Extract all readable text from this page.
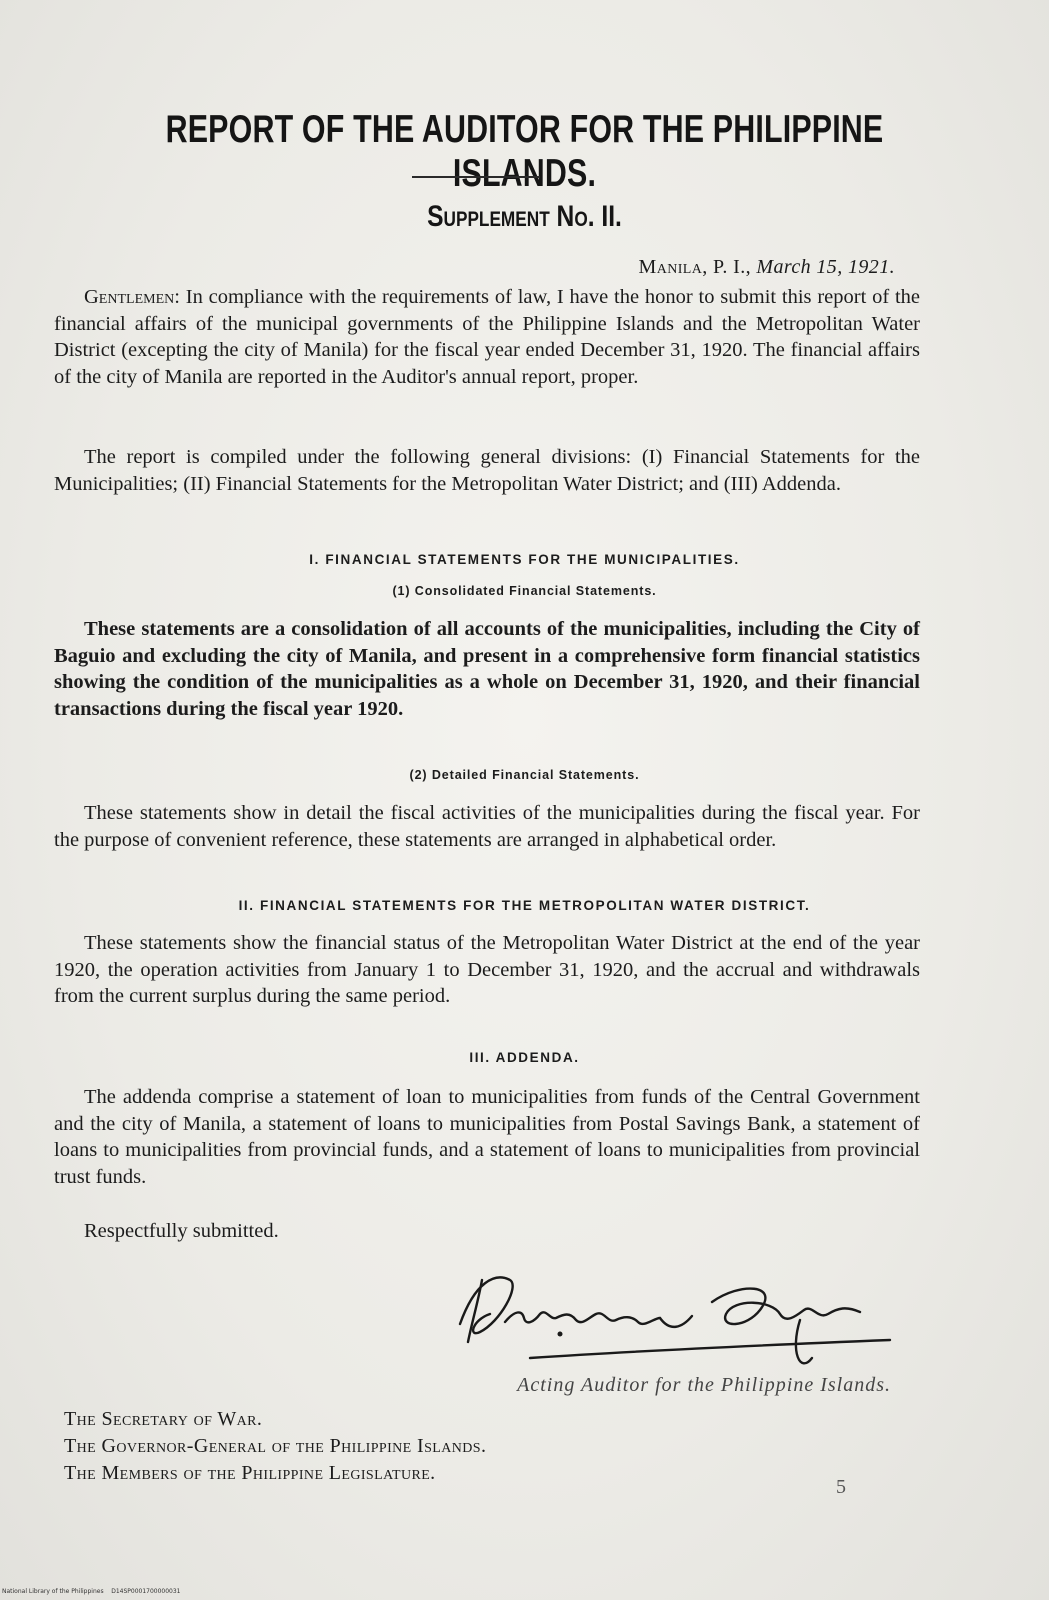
REPORT OF THE AUDITOR FOR THE PHILIPPINE ISLANDS.
Supplement No. II.
Manila, P. I., March 15, 1921.
Gentlemen: In compliance with the requirements of law, I have the honor to submit this report of the financial affairs of the municipal governments of the Philippine Islands and the Metropolitan Water District (excepting the city of Manila) for the fiscal year ended December 31, 1920. The financial affairs of the city of Manila are reported in the Auditor's annual report, proper.
The report is compiled under the following general divisions: (I) Financial Statements for the Municipalities; (II) Financial Statements for the Metropolitan Water District; and (III) Addenda.
I. FINANCIAL STATEMENTS FOR THE MUNICIPALITIES.
(1) Consolidated Financial Statements.
These statements are a consolidation of all accounts of the municipalities, including the City of Baguio and excluding the city of Manila, and present in a comprehensive form financial statistics showing the condition of the municipalities as a whole on December 31, 1920, and their financial transactions during the fiscal year 1920.
(2) Detailed Financial Statements.
These statements show in detail the fiscal activities of the municipalities during the fiscal year. For the purpose of convenient reference, these statements are arranged in alphabetical order.
II. FINANCIAL STATEMENTS FOR THE METROPOLITAN WATER DISTRICT.
These statements show the financial status of the Metropolitan Water District at the end of the year 1920, the operation activities from January 1 to December 31, 1920, and the accrual and withdrawals from the current surplus during the same period.
III. ADDENDA.
The addenda comprise a statement of loan to municipalities from funds of the Central Government and the city of Manila, a statement of loans to municipalities from Postal Savings Bank, a statement of loans to municipalities from provincial funds, and a statement of loans to municipalities from provincial trust funds.
Respectfully submitted.
Acting Auditor for the Philippine Islands.
The Secretary of War.
The Governor-General of the Philippine Islands.
The Members of the Philippine Legislature.
5
National Library of the Philippines    D14SP0001700000031
